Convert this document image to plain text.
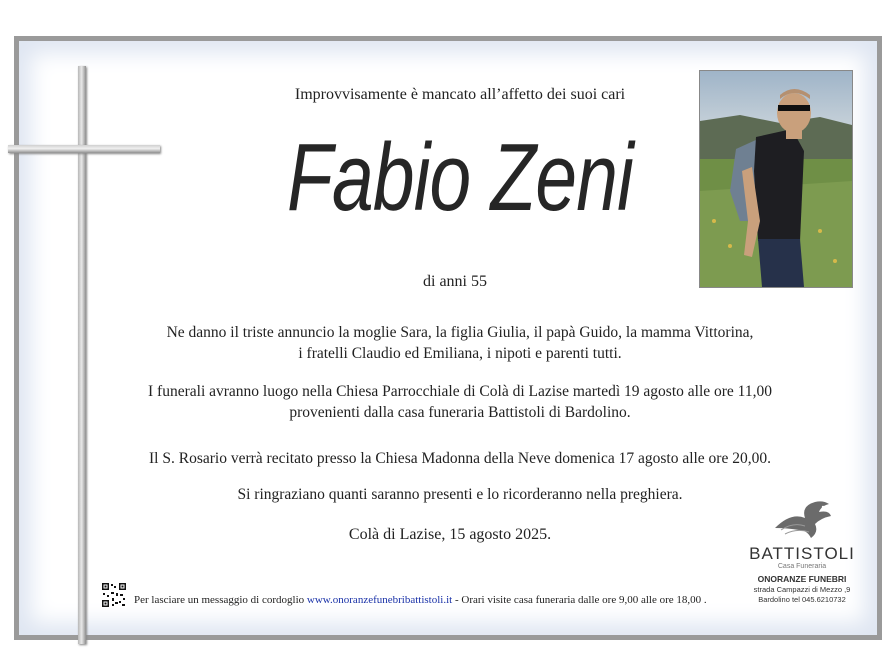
Improvvisamente è mancato all’affetto dei suoi cari
Fabio Zeni
di anni 55
Ne danno il triste annuncio la moglie Sara, la figlia Giulia, il papà Guido, la mamma Vittorina,
i fratelli Claudio ed Emiliana, i nipoti e parenti tutti.
I funerali avranno luogo nella Chiesa Parrocchiale di Colà di Lazise martedì 19 agosto alle ore 11,00
provenienti dalla casa funeraria Battistoli di Bardolino.
Il S. Rosario verrà recitato presso la Chiesa Madonna della Neve domenica 17 agosto alle ore 20,00.
Si ringraziano quanti saranno presenti e lo ricorderanno nella preghiera.
Colà di Lazise, 15 agosto 2025.
Per lasciare un messaggio di cordoglio www.onoranzefunebribattistoli.it - Orari visite casa funeraria dalle ore 9,00 alle ore 18,00 .
BATTISTOLI
Casa Funeraria
ONORANZE FUNEBRI
strada Campazzi di Mezzo ,9
Bardolino tel 045.6210732
